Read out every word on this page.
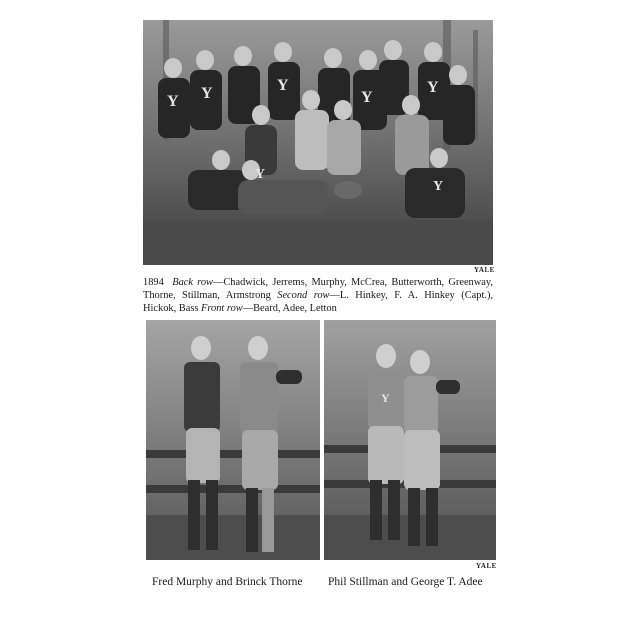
Y Y	Y
Y
Y
Y
Y
YALE
1894 Back row—Chadwick, Jerrems, Murphy, McCrea, Butterworth, Greenway, Thorne, Stillman, Armstrong Second row—L. Hinkey, F. A. Hinkey (Capt.), Hickok, Bass Front row—Beard, Adee, Letton
Y
YALE
Fred Murphy and Brinck Thorne Phil Stillman and George T. Adee
